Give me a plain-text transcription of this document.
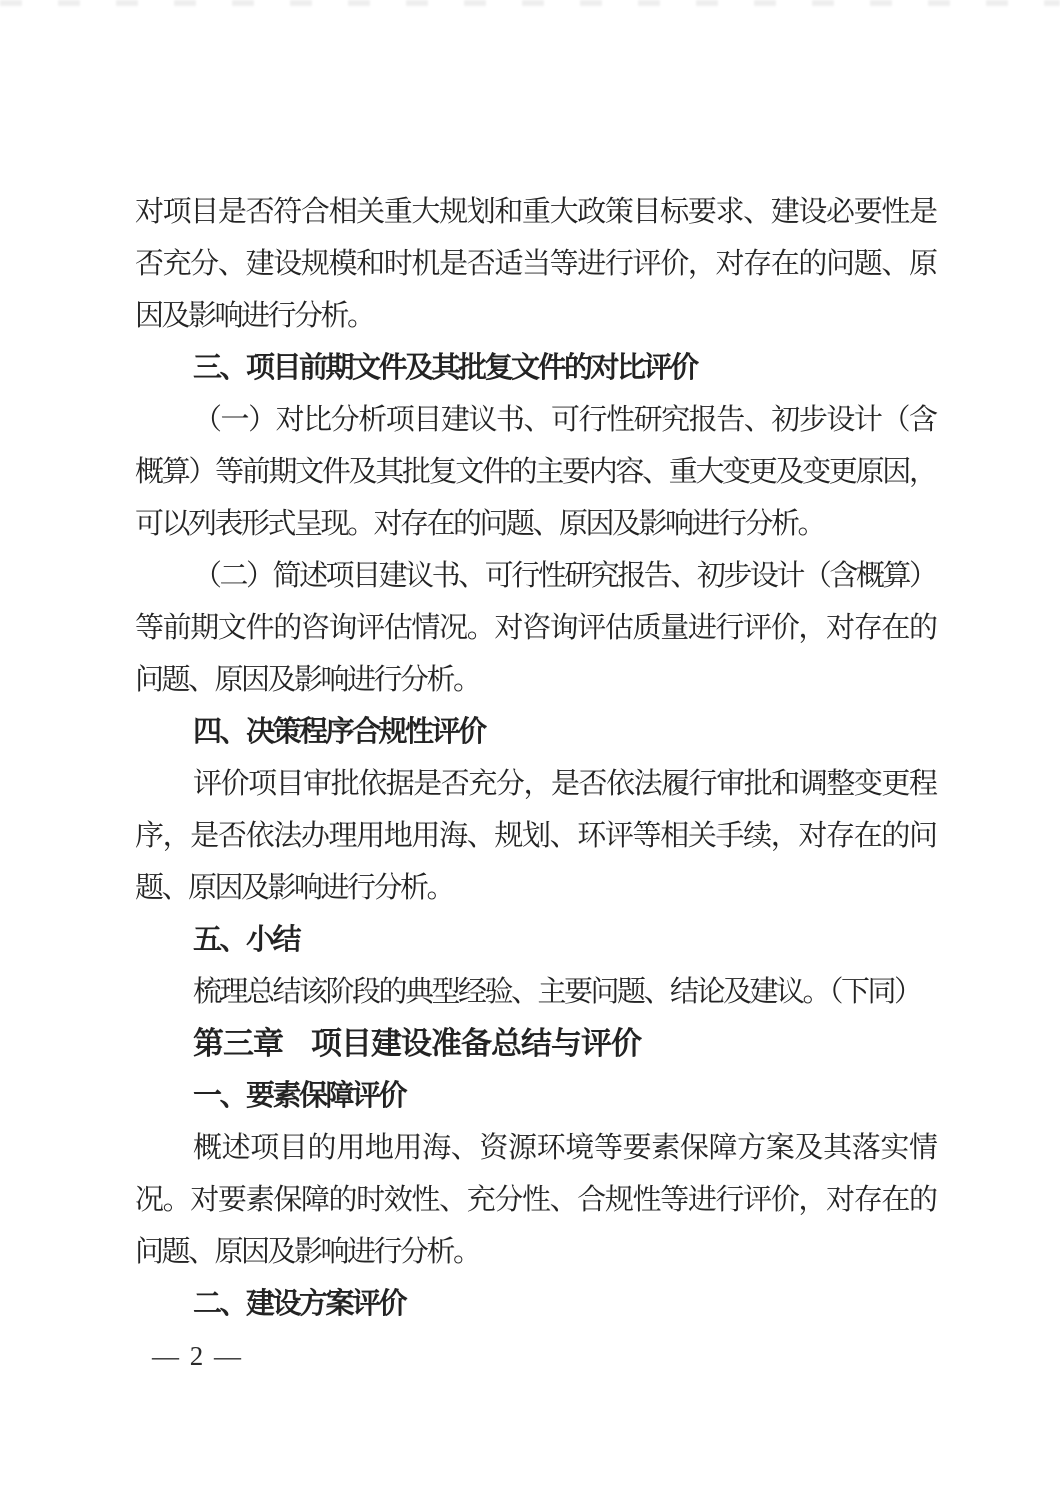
对项目是否符合相关重大规划和重大政策目标要求、建设必要性是
否充分、建设规模和时机是否适当等进行评价，对存在的问题、原
因及影响进行分析。
三、项目前期文件及其批复文件的对比评价
（一）对比分析项目建议书、可行性研究报告、初步设计（含
概算）等前期文件及其批复文件的主要内容、重大变更及变更原因，
可以列表形式呈现。对存在的问题、原因及影响进行分析。
（二）简述项目建议书、可行性研究报告、初步设计（含概算）
等前期文件的咨询评估情况。对咨询评估质量进行评价，对存在的
问题、原因及影响进行分析。
四、决策程序合规性评价
评价项目审批依据是否充分，是否依法履行审批和调整变更程
序，是否依法办理用地用海、规划、环评等相关手续，对存在的问
题、原因及影响进行分析。
五、小结
梳理总结该阶段的典型经验、主要问题、结论及建议。（下同）
第三章 项目建设准备总结与评价
一、要素保障评价
概述项目的用地用海、资源环境等要素保障方案及其落实情
况。对要素保障的时效性、充分性、合规性等进行评价，对存在的
问题、原因及影响进行分析。
二、建设方案评价
— 2 —
